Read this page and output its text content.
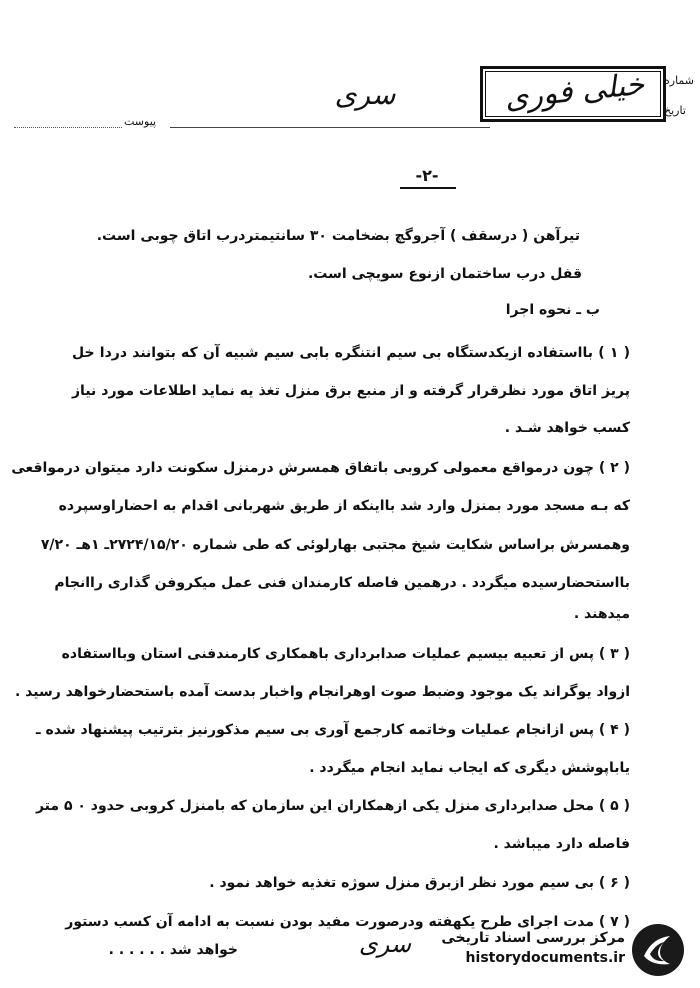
شماره
تاریخ
پیوست
سری	خیلی فوری
-۲-
تیرآهن ( درسقف ) آجروگچ بضخامت ۳۰ سانتیمتردرب اتاق چوبی است.
قفل درب ساختمان ازنوع سویچی است.
ب ـ نحوه اجرا
( ۱ ) بااستفاده ازیکدستگاه بی سیم انتنگره بابی سیم شبیه آن که بتوانند دردا خل
پریز اتاق مورد نظرقرار گرفته و از منبع برق منزل تغذ یه نماید اطلاعات مورد نیاز
کسب خواهد شـد .
( ۲ ) چون درمواقع معمولی کروبی باتفاق همسرش درمنزل سکونت دارد میتوان درمواقعی
که بـه مسجد مورد بمنزل وارد شد بااینکه از طریق شهربانی اقدام به احضاراوسپرده
وهمسرش براساس شکایت شیخ مجتبی بهارلوئی که طی شماره ۲۷۲۴/۱۵/۲۰ـ ۱هـ ۷/۲۰
بااستحضارسیده میگردد . درهمین فاصله کارمندان فنی عمل میکروفن گذاری راانجام
میدهند .
( ۳ ) پس از تعبیه بیسیم عملیات صدابرداری باهمکاری کارمندفنی استان وبااستفاده
ازواد یوگراند یک موجود وضبط صوت اوهرانجام واخبار بدست آمده باستحضارخواهد رسید .
( ۴ ) پس ازانجام عملیات وخاتمه کارجمع آوری بی سیم مذکورنیز بترتیب پیشنهاد شده ـ
یاباپوشش دیگری که ایجاب نماید انجام میگردد .
( ۵ ) محل صدابرداری منزل یکی ازهمکاران این سازمان که بامنزل کروبی حدود ۰ ۵ متر
فاصله دارد میباشد .
( ۶ ) بی سیم مورد نظر ازبرق منزل سوژه تغذیه خواهد نمود .
( ۷ ) مدت اجرای طرح یکهفته ودرصورت مفید بودن نسبت به ادامه آن کسب دستور
خواهد شد . . . . . .	سری	مرکز بررسی اسناد تاریخی
historydocuments.ir
